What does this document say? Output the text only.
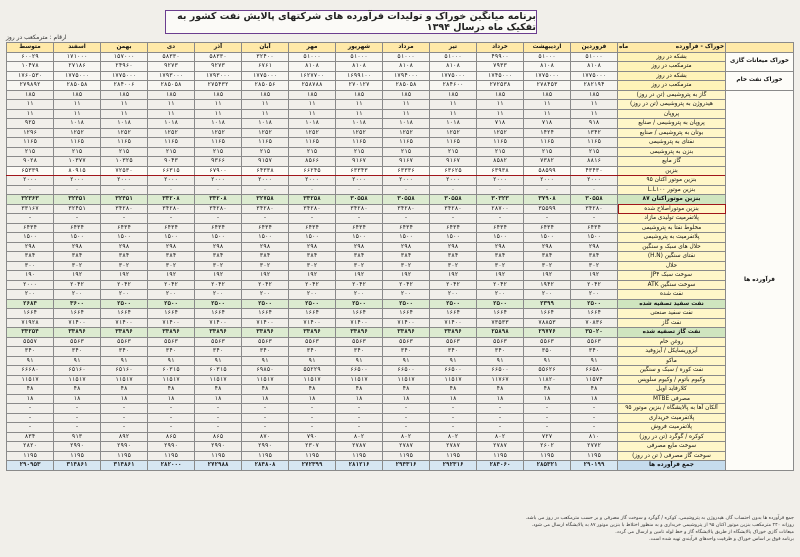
برنامه میانگین خوراک و تولیدات فرآورده های شرکتهای پالایش نفت کشور به تفکیک ماه درسال ۱۳۹۴
ارقام : مترمکعب در روز

	خوراک - فرآورده
ماه	فروردین	اردیبهشت	خرداد	تیر	مرداد	شهریور	مهر	آبان	آذر	دی	بهمن	اسفند	متوسط
خوراک میعانات گازی	بشکه در روز	۵۱۰۰۰	۵۱۰۰۰	۴۹۹۰۰	۵۱۰۰۰	۵۱۰۰۰	۵۱۰۰۰	۵۱۰۰۰	۳۲۴۰۰	۵۸۳۳۰	۵۸۳۳۰	۱۵۷۰۰۰	۱۷۱۰۰۰	۶۰۰۲۹
	مترمکعب در روز	۸۱۰۸	۸۱۰۸	۷۹۳۳	۸۱۰۸	۸۱۰۸	۸۱۰۸	۸۱۰۸	۶۷۶۱	۹۲۷۳	۹۲۷۳	۲۴۹۶۰	۲۷۱۸۶	۱۰۴۷۸
خوراک نفت خام	بشکه در روز	۱۷۷۵۰۰۰	۱۷۷۵۰۰۰	۱۷۴۵۰۰۰	۱۷۷۵۰۰۰	۱۷۹۴۰۰۰	۱۶۹۹۱۰۰	۱۶۲۷۷۰۰	۱۷۷۵۰۰۰	۱۷۹۳۰۰۰	۱۷۹۳۰۰۰	۱۷۷۵۰۰۰	۱۷۷۵۰۰۰	۱۷۶۰۵۳۰
	مترمکعب در روز	۲۸۲۱۹۴	۲۷۸۴۵۳	۲۷۲۵۳۸	۲۸۴۶۰۰	۲۸۵۰۵۸	۲۷۰۱۲۷	۲۵۸۷۸۸	۲۸۵۰۵۶	۲۷۵۴۳۲	۲۸۵۰۵۸	۲۸۴۰۰۶	۲۸۵۰۵۸	۲۷۹۸۹۲
فرآورده ها	گاز به پتروشیمی (تن در روز)	۱۸۵	۱۸۵	۱۸۵	۱۸۵	۱۸۵	۱۸۵	۱۸۵	۱۸۵	۱۸۵	۱۸۵	۱۸۵	۱۸۵	۱۸۵
	هیدروژن به پتروشیمی (تن در روز)	۱۱	۱۱	۱۱	۱۱	۱۱	۱۱	۱۱	۱۱	۱۱	۱۱	۱۱	۱۱	۱۱
	پروپان	۱۱	۱۱	۱۱	۱۱	۱۱	۱۱	۱۱	۱۱	۱۱	۱۱	۱۱	۱۱	۱۱
	پروپان به پتروشیمی / صنایع	۹۱۸	۷۱۸	۷۱۸	۱۰۱۸	۱۰۱۸	۱۰۱۸	۱۰۱۸	۱۰۱۸	۱۰۱۸	۱۰۱۸	۱۰۱۸	۱۰۱۸	۹۲۵
	بوتان به پتروشیمی / صنایع	۱۳۴۲	۱۴۲۴	۱۲۵۲	۱۲۵۲	۱۲۵۲	۱۲۵۲	۱۲۵۲	۱۲۵۲	۱۲۵۲	۱۲۵۲	۱۲۵۲	۱۲۵۲	۱۲۹۶
	نفتای به پتروشیمی	۱۱۶۵	۱۱۶۵	۱۱۶۵	۱۱۶۵	۱۱۶۵	۱۱۶۵	۱۱۶۵	۱۱۶۵	۱۱۶۵	۱۱۶۵	۱۱۶۵	۱۱۶۵	۱۱۶۵
	بنزن به پتروشیمی	۲۱۵	۲۱۵	۲۱۵	۲۱۵	۲۱۵	۲۱۵	۲۱۵	۲۱۵	۲۱۵	۲۱۵	۲۱۵	۲۱۵	۲۱۵
	گاز مایع	۸۸۱۶	۷۳۸۲	۸۵۸۲	۹۱۶۷	۹۱۶۷	۹۱۶۷	۸۵۶۶	۹۱۵۷	۹۳۶۶	۹۰۴۳	۱۰۳۲۵	۱۰۳۷۷	۹۰۲۸
	بنزین	۴۳۴۳۰	۵۸۵۹۹	۶۳۹۳۸	۶۳۶۲۵	۶۳۳۳۶	۶۳۳۴۳	۶۶۲۴۵	۶۴۳۳۸	۶۷۹۰۰	۶۶۳۱۵	۷۲۵۳۰	۸۰۹۱۵	۶۵۳۳۹
	بنزین موتور اکتان ۹۵	۲۰۰۰	۲۰۰۰	۲۰۰۰	۲۰۰۰	۲۰۰۰	۲۰۰۰	۲۰۰۰	۲۰۰۰	۲۰۰۰	۲۰۰۰	۲۰۰۰	۲۰۰۰	۲۰۰۰
	بنزین موتور L.L۱۰۰	۰	۰	۰	۰	۰	۰	۰	۰	۰	۰	۰	۰	۰
	بنزین موتوراکتان ۸۷	۳۰۵۵۸	۳۷۹۰۸	۳۰۳۲۳	۳۰۵۵۸	۳۰۵۵۸	۳۰۵۵۸	۳۳۲۵۸	۳۲۷۵۸	۳۳۲۰۸	۳۳۲۰۸	۳۲۴۵۱	۳۲۴۵۱	۳۲۳۶۳
	بنزین موتوراصلاح شده	۳۴۲۸۰	۳۵۵۹۹	۲۸۷۰۰	۳۴۲۸۰	۳۴۲۸۰	۳۴۲۸۰	۳۴۲۸۰	۳۴۲۸۰	۳۴۲۸۰	۳۴۲۸۰	۳۴۲۸۰	۳۲۴۵۱	۳۳۱۶۷
	پلاتفرمیت تولیدی مازاد	-	-	-	-	-	-	-	-	-	-	-	-	-
	مخلوط نفتا به پتروشیمی	۶۴۳۴	۶۴۳۴	۶۴۳۴	۶۴۳۴	۶۴۳۴	۶۴۳۴	۶۴۳۴	۶۴۳۴	۶۴۳۴	۶۴۳۴	۶۴۳۴	۶۴۳۴	۶۴۳۴
	پلاتفرمیت به پتروشیمی	۱۵۰۰	۱۵۰۰	۱۵۰۰	۱۵۰۰	۱۵۰۰	۱۵۰۰	۱۵۰۰	۱۵۰۰	۱۵۰۰	۱۵۰۰	۱۵۰۰	۱۵۰۰	۱۵۰۰
	حلال های سبک و سنگین	۲۹۸	۲۹۸	۲۹۸	۲۹۸	۲۹۸	۲۹۸	۲۹۸	۲۹۸	۲۹۸	۲۹۸	۲۹۸	۲۹۸	۲۹۸
	نفتای سنگین (H.N)	۳۸۴	۳۸۴	۳۸۴	۳۸۴	۳۸۴	۳۸۴	۳۸۴	۳۸۴	۳۸۴	۳۸۴	۳۸۴	۳۸۴	۳۸۴
	حلال	۳۰۲	۳۰۲	۳۰۲	۳۰۲	۳۰۲	۳۰۲	۳۰۲	۳۰۲	۳۰۲	۳۰۲	۳۰۲	۳۰۲	۳۰۰
	سوخت سبک JP۴	۱۹۲	۱۹۲	۱۹۲	۱۹۲	۱۹۲	۱۹۲	۱۹۲	۱۹۲	۱۹۲	۱۹۲	۱۹۲	۱۹۲	۱۹۰
	سوخت سنگین ATK	۲۰۴۲	۱۹۴۲	۲۰۴۲	۲۰۴۲	۲۰۴۲	۲۰۴۲	۲۰۴۲	۲۰۴۲	۲۰۴۲	۲۰۴۲	۲۰۴۲	۲۰۴۲	۲۰۰۰
	نفت شده	۲۰۰	۲۰۰	۲۰۰	۲۰۰	۲۰۰	۲۰۰	۲۰۰	۲۰۰	۲۰۰	۲۰۰	۲۰۰	۲۰۰	۲۰۰
	نفت سفید تصفیه شده	۲۵۰۰	۲۳۹۹	۲۵۰۰	۲۵۰۰	۲۵۰۰	۲۵۰۰	۲۵۰۰	۲۵۰۰	۲۵۰۰	۲۵۰۰	۲۵۰۰	۳۶۰۰	۲۶۸۴
	نفت سفید صنعتی	۱۶۶۴	۱۶۶۴	۱۶۶۴	۱۶۶۴	۱۶۶۴	۱۶۶۴	۱۶۶۴	۱۶۶۴	۱۶۶۴	۱۶۶۴	۱۶۶۴	۱۶۶۴	۱۶۶۴
	نفت گاز	۷۰۸۳۶	۷۸۸۵۳	۷۳۵۳۳	۷۱۴۰۰	۷۱۴۰۰	۷۱۴۰۰	۷۱۴۰۰	۷۱۴۰۰	۷۱۴۰۰	۷۱۴۰۰	۷۱۴۰۰	۷۱۴۰۰	۷۱۹۲۸
	نفت گاز تصفیه شده	۳۵۰۲۰	۲۹۷۷۶	۲۵۸۹۸	۳۴۸۹۶	۳۴۸۹۶	۳۴۸۹۶	۳۴۸۹۶	۳۴۸۹۶	۳۴۸۹۶	۳۴۸۹۶	۳۴۸۹۶	۳۴۸۹۶	۳۴۲۵۴
	روغن خام	۵۵۶۳	۵۵۶۳	۵۵۶۳	۵۵۶۳	۵۵۶۳	۵۵۶۳	۵۵۶۳	۵۵۶۳	۵۵۶۳	۵۵۶۳	۵۵۶۳	۵۵۶۳	۵۵۵۷
	آیزوریسایکل / آیزوفید	۳۴۰	۳۵۰	۳۴۰	۳۴۰	۳۴۰	۳۴۰	۳۴۰	۳۴۰	۳۴۰	۳۴۰	۳۴۰	۳۴۰	۳۴۰
	ماکو	۹۱	۹۱	۹۱	۹۱	۹۱	۹۱	۹۱	۹۱	۹۱	۹۱	۹۱	۹۱	۹۱
	نفت کوره / سبک و سنگین	۶۶۵۸۰	۵۵۶۲۶	۶۶۵۰۰	۶۶۵۰۰	۶۶۵۰۰	۶۶۵۰۰	۵۵۲۲۹	۶۹۸۵۰	۶۰۳۱۵	۶۰۳۱۵	۶۵۱۶۰	۶۵۱۶۰	۶۶۶۸۰
	وکیوم باتوم / وکیوم سلوپس	۱۱۵۷۴	۱۱۸۲۰	۱۱۷۶۷	۱۱۵۱۷	۱۱۵۱۷	۱۱۵۱۷	۱۱۵۱۷	۱۱۵۱۷	۱۱۵۱۷	۱۱۵۱۷	۱۱۵۱۷	۱۱۵۱۷	۱۱۵۱۷
	کلارفاید اویل	۴۸	۴۸	۴۸	۴۸	۴۸	۴۸	۴۸	۴۸	۴۸	۴۸	۴۸	۴۸	۴۸
	مصرفی MTBE	۱۸	۱۸	۱۸	۱۸	۱۸	۱۸	۱۸	۱۸	۱۸	۱۸	۱۸	۱۸	۱۸
	آلکان آها به پالایشگاه / بنزین موتور ۹۵	-	-	-	-	-	-	-	-	-	-	-	-	-
	پلاتفرمیت خریداری	-	-	-	-	-	-	-	-	-	-	-	-	-
	پلاتفرمیت فروش	-	-	-	-	-	-	-	-	-	-	-	-	-
	کوکره / گوگرد (تن در روز)	۸۱۰	۷۲۷	۸۰۲	۸۰۲	۸۰۲	۸۰۲	۷۹۰	۸۷۰	۸۶۵	۸۶۵	۸۹۲	۹۱۳	۸۳۴
	سوخت مایع مصرفی	۲۷۷۲	۲۶۰۲	۲۷۸۷	۲۷۸۷	۲۷۸۷	۲۷۸۷	۲۳۰۷	۲۹۹۰	۲۹۹۰	۲۹۹۰	۲۹۹۰	۲۹۹۰	۲۸۲۰
	سوخت گاز مصرفی ( تن در روز)	۱۱۹۵	۱۱۹۵	۱۱۹۵	۱۱۹۵	۱۱۹۵	۱۱۹۵	۱۱۹۵	۱۱۹۵	۱۱۹۵	۱۱۹۵	۱۱۹۵	۱۱۹۵	۱۱۹۵
	جمع فرآورده ها	۲۹۰۱۹۹	۲۸۵۳۲۱	۲۸۴۰۶۰	۲۹۲۳۱۶	۲۹۴۳۱۶	۲۸۱۲۱۶	۲۷۲۳۹۹	۲۸۴۸۰۸	۲۷۲۹۸۸	۲۸۲۰۰۰	۳۱۴۸۶۱	۳۱۴۸۶۱	۲۹۰۹۵۳
جمع فرآورده ها بدون احتساب گاز، هیدروژن به پتروشیمی، کوکره / گوگرد و سوخت گاز مصرفی و بر حسب مترمکعب در روز می باشد.
روزانه ۲۴۰ مترمکعب بنزین موتور اکتان ۹۵ از پتروشیمی خریداری و به منظور اختلاط با بنزین موتور ۸۷ به پالایشگاه ارسال می شود.
میعانات گازی خوراک پالایشگاه از طریق پالایشگاه گاز و خط لوله تامین و ارسال می گردد.
برنامه فوق بر اساس خوراک و ظرفیت واحدهای فرآیندی تهیه شده است.
